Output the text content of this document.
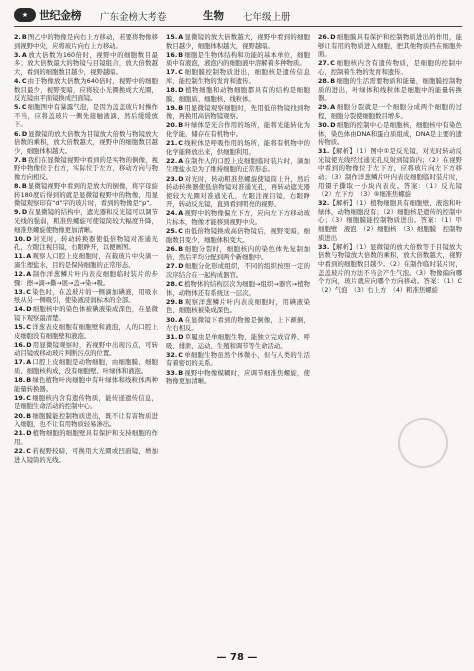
★ 世纪金榜 广东金榜大考卷	生物 七年级上册
2.B图乙中的物像是向右上方移动，若要将物像移到视野中央，应将玻片向右上方移动。
3.A放大倍数为160倍时，视野中的细胞数目最多；放大倍数最大的物镜与目镜组合，放大倍数越大，看到的细胞数目越少，视野越暗。
4.C由于物像放大倍数为640倍时，视野中的细胞数目最少，视野变暗，应将较小光圈换成大光圈，反光镜由平面镜换成凹面镜。
5.C细胞图中有暴露气泡，是因为盖盖玻片时操作不当，应将盖玻片一侧先接触液滴，然后缓缓放下。
6.D显微镜的放大倍数为目镜放大倍数与物镜放大倍数的乘积，放大倍数越大，视野中的细胞数目越少，细胞体积越大。
7.B我们在显微镜视野中看到的是实物的倒像，视野中物像位于右方，实际位于左方，移动方向与物像方向相反。
8.B显微镜视野中看到的是放大的倒像，将字母旋转180度后得到的就是显微镜视野中的物像，用显微镜观察印有“d”字的玻片时，看到的物像是“p”。
9.D在显微镜的结构中，遮光器和反光镜可以调节光线的强弱，粗准焦螺旋可使镜筒较大幅度升降，细准焦螺旋使物像更加清晰。
10.D对光时，转动转换器使低倍物镜对准通光孔，左眼注视目镜，右眼睁开，以便画图。
11.A观察人口腔上皮细胞时，在载玻片中央滴一滴生理盐水，目的是保持细胞的正常形态。
12.A制作洋葱鳞片叶内表皮细胞临时装片的步骤：擦→滴→撕→展→盖→染→吸。
13.C染色时，在盖玻片的一侧滴加碘液，用吸水纸从另一侧吸引，使染液浸润标本的全部。
14.D细胞核中的染色体被碘液染成深色，在显微镜下观察最清楚。
15.C洋葱表皮细胞有细胞壁和液泡，人的口腔上皮细胞没有细胞壁和液泡。
16.D用显微镜观察时，若视野中出现污点，可转动目镜或移动玻片判断污点的位置。
17.A口腔上皮细胞是动物细胞，由细胞膜、细胞质、细胞核构成，没有细胞壁、叶绿体和液泡。
18.B绿色植物叶肉细胞中有叶绿体和线粒体两种能量转换器。
19.C细胞核内含有遗传物质，能传递遗传信息，是细胞生命活动的控制中心。
20.B细胞膜能控制物质进出，既不让有害物质进入细胞，也不让有用物质轻易渗出。
21.D植物细胞的细胞壁具有保护和支持细胞的作用。
22.C若视野较暗，可换用大光圈或凹面镜，增加进入镜筒的光线。
15.A显微镜的放大倍数越大，视野中看到的细胞数目越少，细胞体积越大，视野越暗。
16.B细胞是生物体结构和功能的基本单位，细胞质中有液泡，液泡内的细胞液中溶解着多种物质。
17.C细胞膜控制物质进出，细胞核是遗传信息库，能控制生物的发育和遗传。
18.D植物细胞和动物细胞都具有的结构是细胞膜、细胞质、细胞核、线粒体。
19.B用显微镜观察细胞时，先用低倍物镜找到物像，再换用高倍物镜观察。
20.B叶绿体是光合作用的场所，能将光能转化为化学能，储存在有机物中。
21.C线粒体是呼吸作用的场所，能将有机物中的化学能释放出来，供细胞利用。
22.A在制作人的口腔上皮细胞临时装片时，滴加生理盐水是为了维持细胞的正常形态。
23.D对光时，转动粗准焦螺旋使镜筒上升，然后转动转换器使低倍物镜对准通光孔，再转动遮光器使较大光圈对准通光孔，左眼注视目镜，右眼睁开，转动反光镜，直到看到明亮的视野。
24.A视野中的物像偏左下方，应向左下方移动玻片标本，物像才能移到视野中央。
25.C由低倍物镜换成高倍物镜后，视野变暗，细胞数目变少，细胞体积变大。
26.B细胞分裂时，细胞核内的染色体先复制加倍，然后平均分配到两个新细胞中。
27.D细胞分化形成组织，不同的组织按照一定的次序结合在一起构成器官。
28.C植物体的结构层次为细胞→组织→器官→植物体，动物体还有系统这一层次。
29.B观察洋葱鳞片叶内表皮细胞时，用碘液染色，细胞核被染成深色。
30.A在显微镜下看到的物像是倒像，上下颠倒，左右相反。
31.D草履虫是单细胞生物，能独立完成营养、呼吸、排泄、运动、生殖和调节等生命活动。
32.C单细胞生物虽然个体微小，但与人类的生活有着密切的关系。
33.B视野中物像模糊时，应调节细准焦螺旋，使物像更加清晰。
26.D细胞膜具有保护和控制物质进出的作用，能够让有用的物质进入细胞，把其他物质挡在细胞外面。
27.C细胞核内含有遗传物质，是细胞的控制中心，控制着生物的发育和遗传。
28.B细胞的生活需要物质和能量，细胞膜控制物质的进出，叶绿体和线粒体是细胞中的能量转换器。
29.A细胞分裂就是一个细胞分成两个细胞的过程，细胞分裂使细胞数目增多。
30.D细胞的控制中心是细胞核，细胞核中有染色体，染色体由DNA和蛋白质组成，DNA是主要的遗传物质。
31.【解析】（1）图中①是反光镜，对光时转动反光镜使光线经过通光孔反射到镜筒内；（2）在视野中看到的物像位于左下方，应将玻片向左下方移动；（3）制作洋葱鳞片叶内表皮细胞临时装片时，用镊子撕取一小块内表皮。答案：（1）反光镜　（2）左下方　（3）⑤细准焦螺旋
32.【解析】（1）植物细胞具有细胞壁、液泡和叶绿体，动物细胞没有；（2）细胞核是遗传的控制中心；（3）细胞膜能控制物质进出。答案：（1）甲　细胞壁　液泡　（2）细胞核　（3）细胞膜　控制物质进出
33.【解析】（1）显微镜的放大倍数等于目镜放大倍数与物镜放大倍数的乘积，放大倍数越大，视野中看到的细胞数目越少。（2）在制作临时装片时，盖盖玻片的方法不当会产生气泡。（3）物像偏向哪个方向，玻片就应向哪个方向移动。答案：（1）C　（2）气泡　（3）右上方　（4）粗准焦螺旋
— 78 —
